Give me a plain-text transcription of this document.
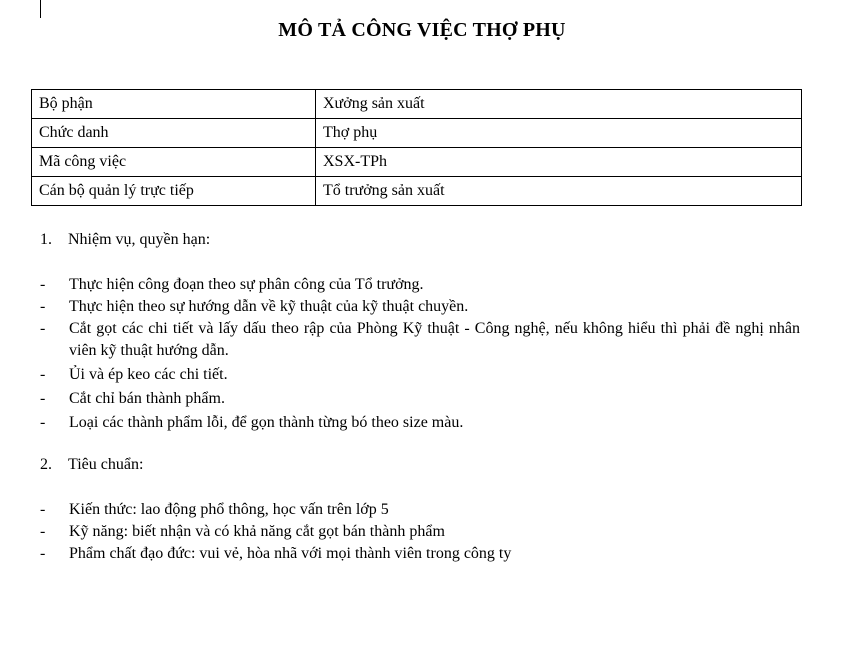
MÔ TẢ CÔNG VIỆC THỢ PHỤ
Bộ phận	Xưởng sản xuất
Chức danh	Thợ phụ
Mã công việc	XSX-TPh
Cán bộ quản lý trực tiếp	Tổ trưởng sản xuất
1. Nhiệm vụ, quyền hạn:
- Thực hiện công đoạn theo sự phân công của Tổ trưởng.
- Thực hiện theo sự hướng dẫn về kỹ thuật của kỹ thuật chuyền.
- Cắt gọt các chi tiết và lấy dấu theo rập của Phòng Kỹ thuật - Công nghệ, nếu không hiểu thì phải đề nghị nhân viên kỹ thuật hướng dẫn.
- Ủi và ép keo các chi tiết.
- Cắt chỉ bán thành phẩm.
- Loại các thành phẩm lỗi, để gọn thành từng bó theo size màu.
2. Tiêu chuẩn:
- Kiến thức: lao động phổ thông, học vấn trên lớp 5
- Kỹ năng: biết nhận và có khả năng cắt gọt bán thành phẩm
- Phẩm chất đạo đức: vui vẻ, hòa nhã với mọi thành viên trong công ty
